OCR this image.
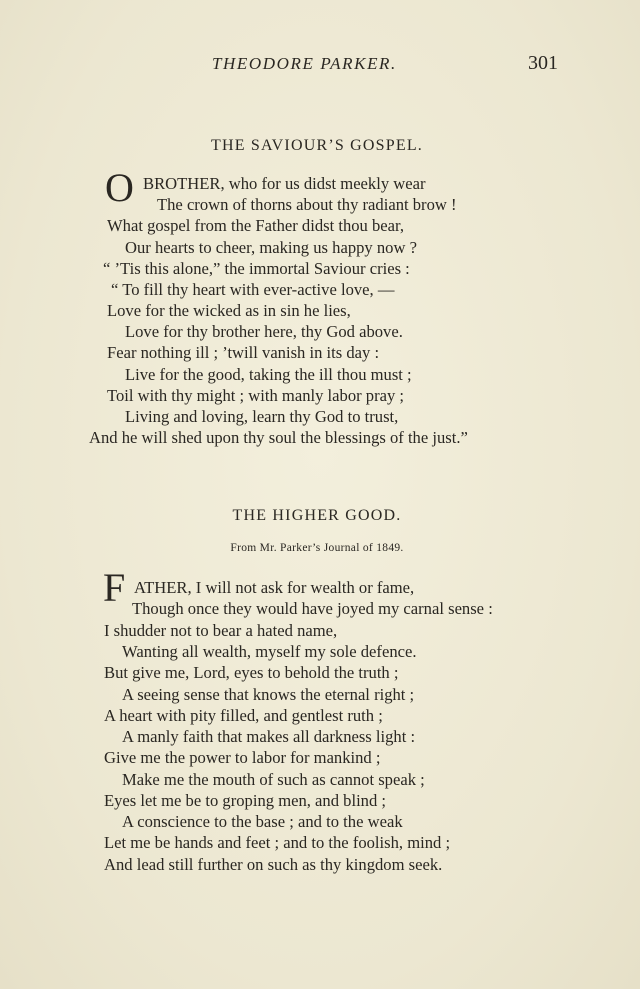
THEODORE PARKER.	301
THE SAVIOUR’S GOSPEL.
O BROTHER, who for us didst meekly wear
The crown of thorns about thy radiant brow !
What gospel from the Father didst thou bear,
Our hearts to cheer, making us happy now ?
“ ’Tis this alone,” the immortal Saviour cries :
“ To fill thy heart with ever-active love, —
Love for the wicked as in sin he lies,
Love for thy brother here, thy God above.
Fear nothing ill ; ’twill vanish in its day :
Live for the good, taking the ill thou must ;
Toil with thy might ; with manly labor pray ;
Living and loving, learn thy God to trust,
And he will shed upon thy soul the blessings of the just.”
THE HIGHER GOOD.
From Mr. Parker’s Journal of 1849.
F ATHER, I will not ask for wealth or fame,
Though once they would have joyed my carnal sense :
I shudder not to bear a hated name,
Wanting all wealth, myself my sole defence.
But give me, Lord, eyes to behold the truth ;
A seeing sense that knows the eternal right ;
A heart with pity filled, and gentlest ruth ;
A manly faith that makes all darkness light :
Give me the power to labor for mankind ;
Make me the mouth of such as cannot speak ;
Eyes let me be to groping men, and blind ;
A conscience to the base ; and to the weak
Let me be hands and feet ; and to the foolish, mind ;
And lead still further on such as thy kingdom seek.
